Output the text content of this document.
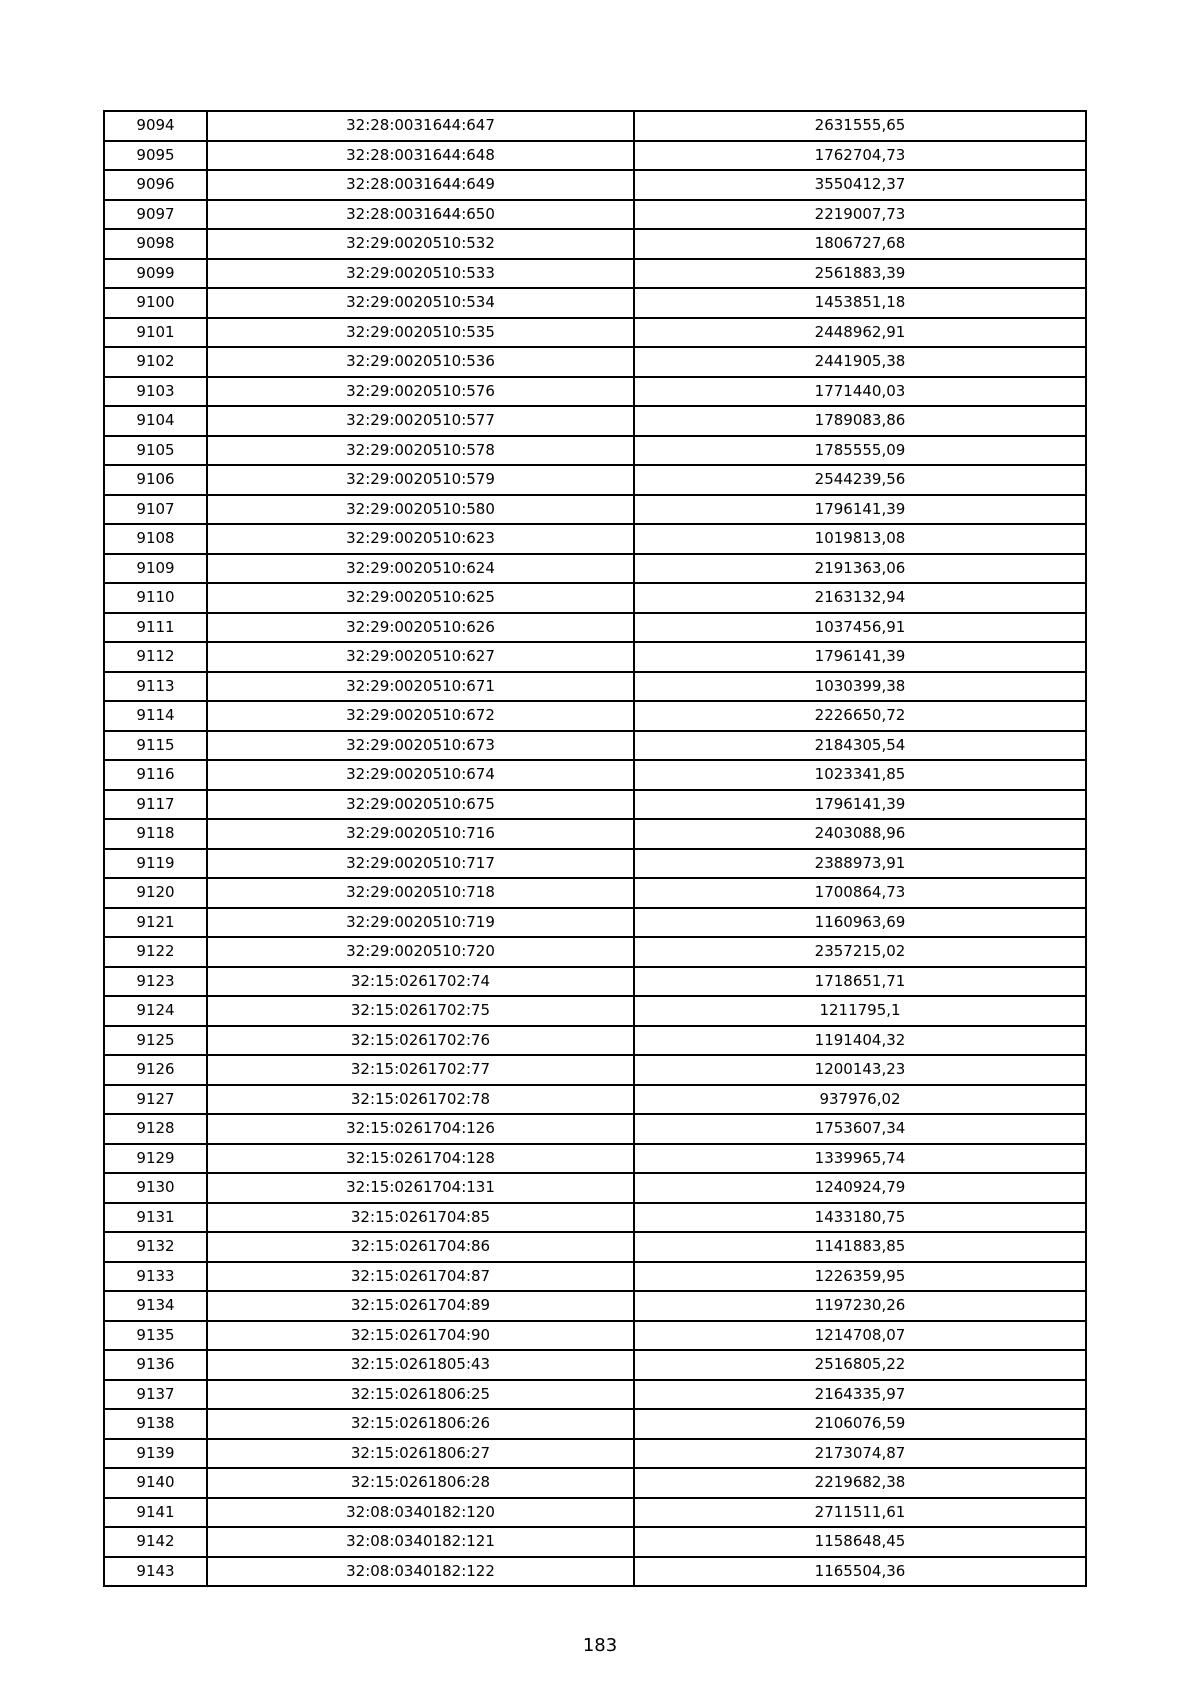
9094	32:28:0031644:647	2631555,65
9095	32:28:0031644:648	1762704,73
9096	32:28:0031644:649	3550412,37
9097	32:28:0031644:650	2219007,73
9098	32:29:0020510:532	1806727,68
9099	32:29:0020510:533	2561883,39
9100	32:29:0020510:534	1453851,18
9101	32:29:0020510:535	2448962,91
9102	32:29:0020510:536	2441905,38
9103	32:29:0020510:576	1771440,03
9104	32:29:0020510:577	1789083,86
9105	32:29:0020510:578	1785555,09
9106	32:29:0020510:579	2544239,56
9107	32:29:0020510:580	1796141,39
9108	32:29:0020510:623	1019813,08
9109	32:29:0020510:624	2191363,06
9110	32:29:0020510:625	2163132,94
9111	32:29:0020510:626	1037456,91
9112	32:29:0020510:627	1796141,39
9113	32:29:0020510:671	1030399,38
9114	32:29:0020510:672	2226650,72
9115	32:29:0020510:673	2184305,54
9116	32:29:0020510:674	1023341,85
9117	32:29:0020510:675	1796141,39
9118	32:29:0020510:716	2403088,96
9119	32:29:0020510:717	2388973,91
9120	32:29:0020510:718	1700864,73
9121	32:29:0020510:719	1160963,69
9122	32:29:0020510:720	2357215,02
9123	32:15:0261702:74	1718651,71
9124	32:15:0261702:75	1211795,1
9125	32:15:0261702:76	1191404,32
9126	32:15:0261702:77	1200143,23
9127	32:15:0261702:78	937976,02
9128	32:15:0261704:126	1753607,34
9129	32:15:0261704:128	1339965,74
9130	32:15:0261704:131	1240924,79
9131	32:15:0261704:85	1433180,75
9132	32:15:0261704:86	1141883,85
9133	32:15:0261704:87	1226359,95
9134	32:15:0261704:89	1197230,26
9135	32:15:0261704:90	1214708,07
9136	32:15:0261805:43	2516805,22
9137	32:15:0261806:25	2164335,97
9138	32:15:0261806:26	2106076,59
9139	32:15:0261806:27	2173074,87
9140	32:15:0261806:28	2219682,38
9141	32:08:0340182:120	2711511,61
9142	32:08:0340182:121	1158648,45
9143	32:08:0340182:122	1165504,36
183
